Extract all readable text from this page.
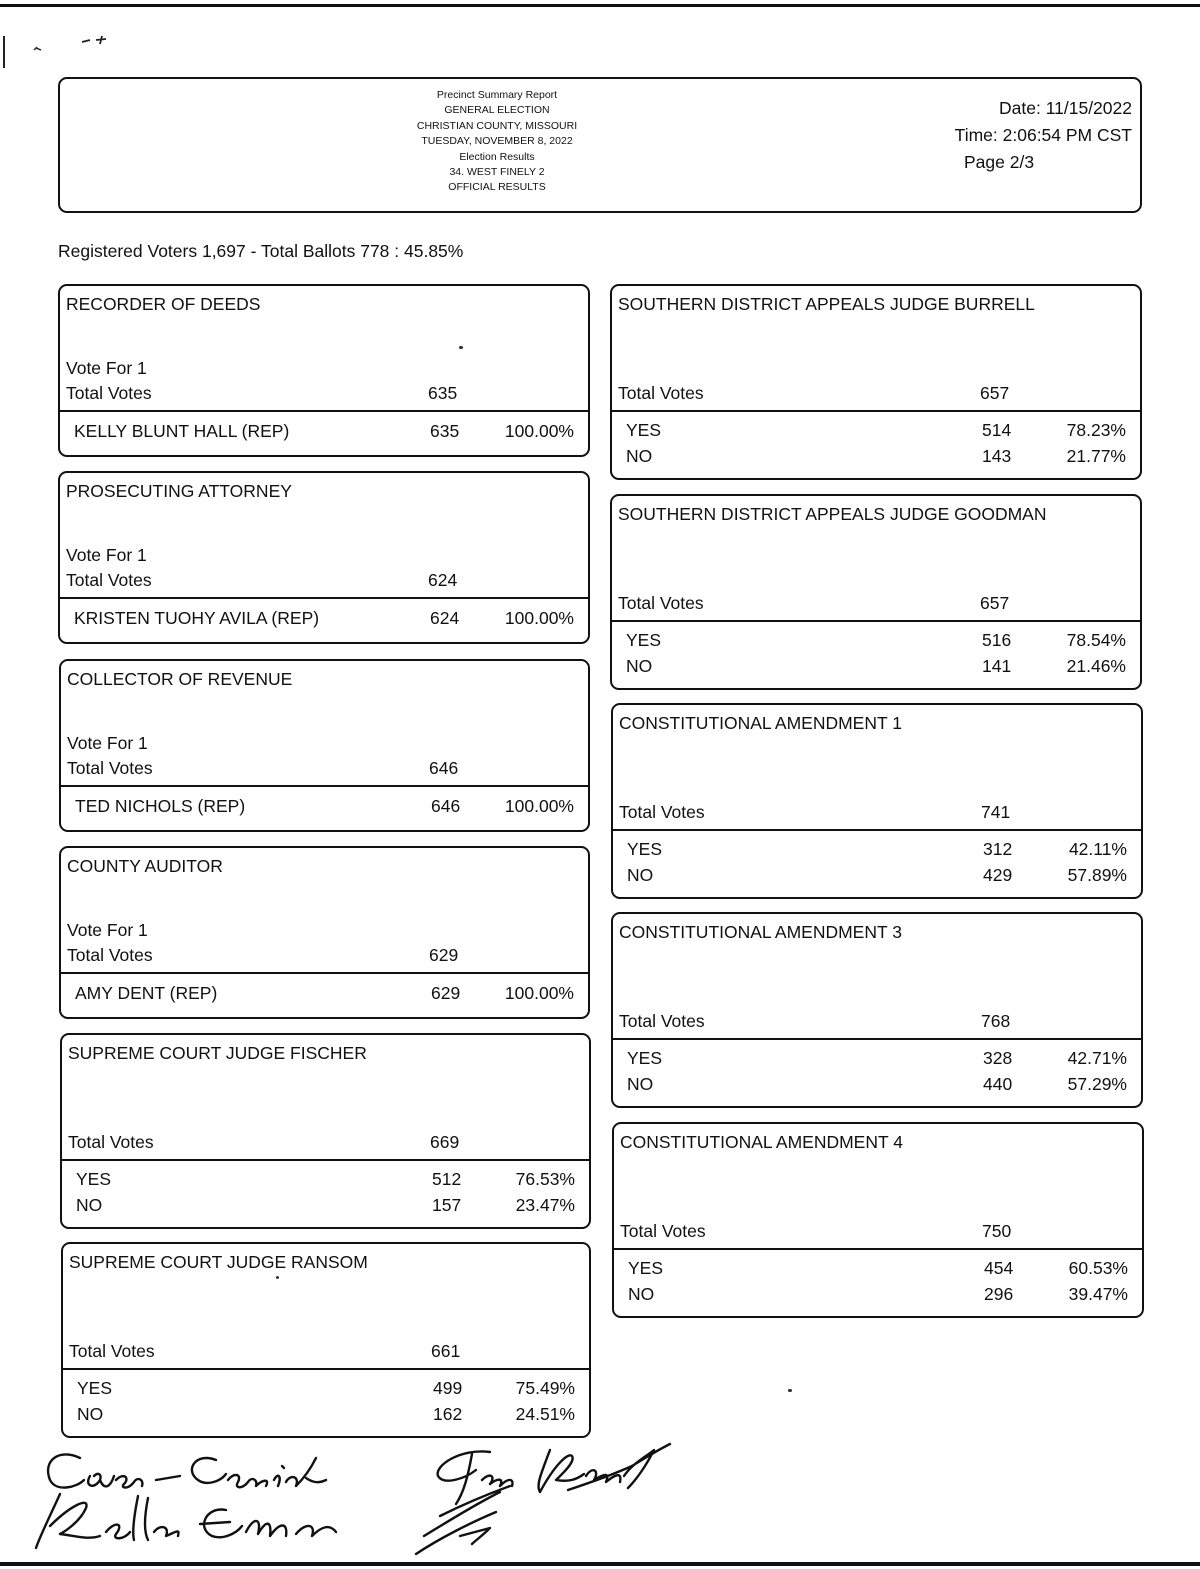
Precinct Summary Report
GENERAL ELECTION
CHRISTIAN COUNTY, MISSOURI
TUESDAY, NOVEMBER 8, 2022
Election Results
34. WEST FINELY 2
OFFICIAL RESULTS
Date: 11/15/2022
Time: 2:06:54 PM CST
Page 2/3
Registered Voters 1,697 - Total Ballots 778 : 45.85%
RECORDER OF DEEDS
Vote For 1
Total Votes	635
KELLY BLUNT HALL (REP)	635	100.00%
PROSECUTING ATTORNEY
Vote For 1
Total Votes	624
KRISTEN TUOHY AVILA (REP)	624	100.00%
COLLECTOR OF REVENUE
Vote For 1
Total Votes	646
TED NICHOLS (REP)	646	100.00%
COUNTY AUDITOR
Vote For 1
Total Votes	629
AMY DENT (REP)	629	100.00%
SUPREME COURT JUDGE FISCHER
Total Votes	669
YES	512	76.53%
NO	157	23.47%
SUPREME COURT JUDGE RANSOM
Total Votes	661
YES	499	75.49%
NO	162	24.51%
SOUTHERN DISTRICT APPEALS JUDGE BURRELL
Total Votes	657
YES	514	78.23%
NO	143	21.77%
SOUTHERN DISTRICT APPEALS JUDGE GOODMAN
Total Votes	657
YES	516	78.54%
NO	141	21.46%
CONSTITUTIONAL AMENDMENT 1
Total Votes	741
YES	312	42.11%
NO	429	57.89%
CONSTITUTIONAL AMENDMENT 3
Total Votes	768
YES	328	42.71%
NO	440	57.29%
CONSTITUTIONAL AMENDMENT 4
Total Votes	750
YES	454	60.53%
NO	296	39.47%
